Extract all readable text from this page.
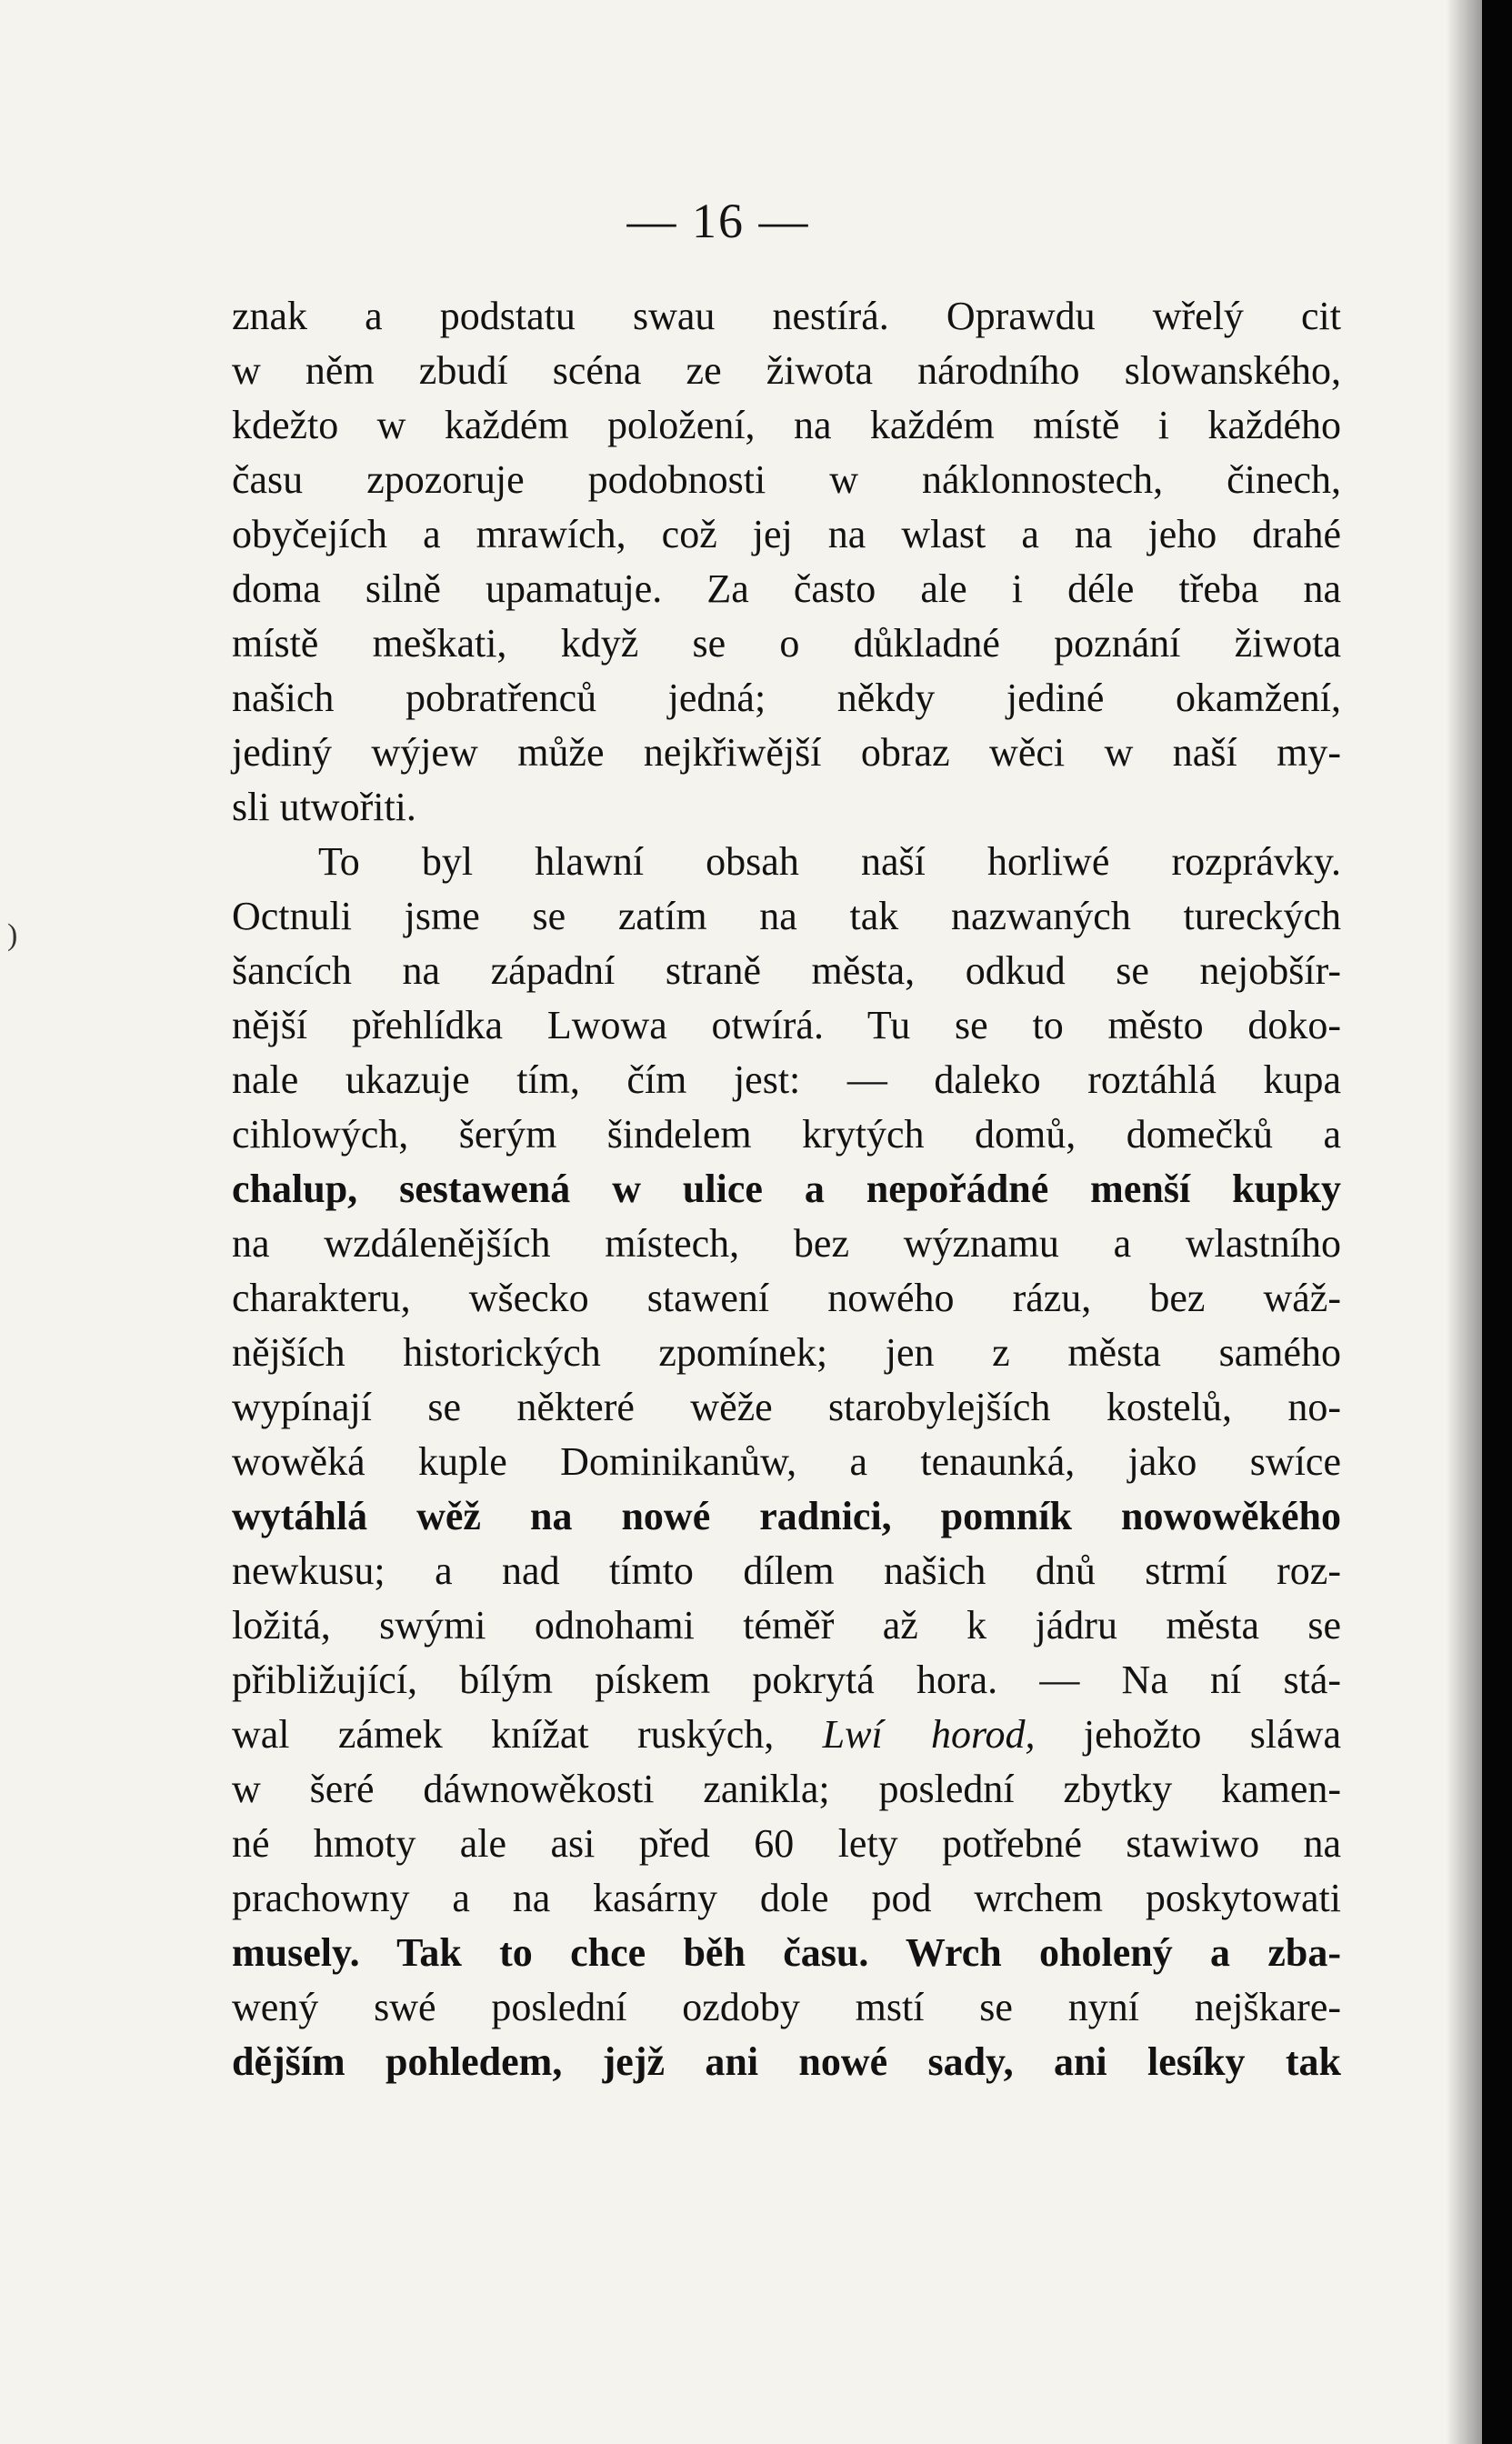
— 16 —
)
znak a podstatu swau nestírá. Oprawdu wřelý cit
w něm zbudí scéna ze žiwota národního slowanského,
kdežto w každém položení, na každém místě i každého
času zpozoruje podobnosti w náklonnostech, činech,
obyčejích a mrawích, což jej na wlast a na jeho drahé
doma silně upamatuje. Za často ale i déle třeba na
místě meškati, když se o důkladné poznání žiwota
našich pobratřenců jedná; někdy jediné okamžení,
jediný wýjew může nejkřiwější obraz wěci w naší my-
sli utwořiti.
To byl hlawní obsah naší horliwé rozprávky.
Octnuli jsme se zatím na tak nazwaných tureckých
šancích na západní straně města, odkud se nejobšír-
nější přehlídka Lwowa otwírá. Tu se to město doko-
nale ukazuje tím, čím jest: — daleko roztáhlá kupa
cihlowých, šerým šindelem krytých domů, domečků a
chalup, sestawená w ulice a nepořádné menší kupky
na wzdálenějších místech, bez wýznamu a wlastního
charakteru, wšecko stawení nowého rázu, bez wáž-
nějších historických zpomínek; jen z města samého
wypínají se některé wěže starobylejších kostelů, no-
wowěká kuple Dominikanůw, a tenaunká, jako swíce
wytáhlá wěž na nowé radnici, pomník nowowěkého
newkusu; a nad tímto dílem našich dnů strmí roz-
ložitá, swými odnohami téměř až k jádru města se
přibližující, bílým pískem pokrytá hora. — Na ní stá-
wal zámek knížat ruských, Lwí horod, jehožto sláwa
w šeré dáwnowěkosti zanikla; poslední zbytky kamen-
né hmoty ale asi před 60 lety potřebné stawiwo na
prachowny a na kasárny dole pod wrchem poskytowati
musely. Tak to chce běh času. Wrch oholený a zba-
wený swé poslední ozdoby mstí se nyní nejškare-
dějším pohledem, jejž ani nowé sady, ani lesíky tak
